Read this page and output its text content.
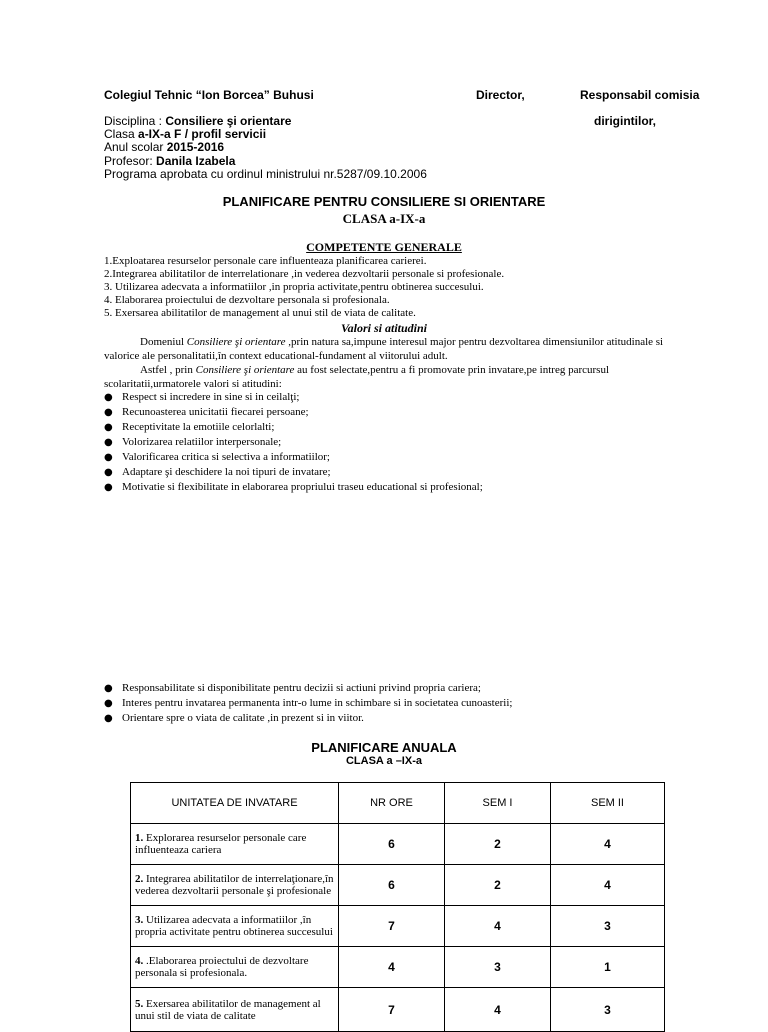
Colegiul Tehnic “Ion Borcea” Buhusi	Director,	Responsabil comisia
Disciplina : Consiliere şi orientare	dirigintilor,
Clasa a-IX-a F / profil servicii
Anul scolar 2015-2016
Profesor: Danila Izabela
Programa aprobata cu ordinul ministrului nr.5287/09.10.2006
PLANIFICARE PENTRU CONSILIERE SI ORIENTARE
CLASA a-IX-a
COMPETENTE GENERALE
1.Exploatarea resurselor personale care influenteaza planificarea carierei.
2.Integrarea abilitatilor de interrelationare ,in vederea dezvoltarii personale si profesionale.
3. Utilizarea adecvata a informatiilor ,in propria activitate,pentru obtinerea succesului.
4. Elaborarea proiectului de dezvoltare personala si profesionala.
5. Exersarea abilitatilor de management al unui stil de viata de calitate.
Valori si atitudini
Domeniul Consiliere şi orientare ,prin natura sa,impune interesul major pentru dezvoltarea dimensiunilor atitudinale si
valorice ale personalitatii,în context educational-fundament al viitorului adult.
Astfel , prin Consiliere şi orientare au fost selectate,pentru a fi promovate prin invatare,pe intreg parcursul
scolaritatii,urmatorele valori si atitudini:
● Respect si incredere in sine si in ceilalţi;
● Recunoasterea unicitatii fiecarei persoane;
● Receptivitate la emotiile celorlalti;
● Volorizarea relatiilor interpersonale;
● Valorificarea critica si selectiva a informatiilor;
● Adaptare şi deschidere la noi tipuri de invatare;
● Motivatie si flexibilitate in elaborarea propriului traseu educational si profesional;
● Responsabilitate si disponibilitate pentru decizii si actiuni privind propria cariera;
● Interes pentru invatarea permanenta intr-o lume in schimbare si in societatea cunoasterii;
● Orientare spre o viata de calitate ,in prezent si in viitor.
PLANIFICARE ANUALA
CLASA a –IX-a
UNITATEA DE INVATARE	NR ORE	SEM I	SEM II
1. Explorarea resurselor personale care influenteaza cariera	6	2	4
2. Integrarea abilitatilor de interrelaţionare,în vederea dezvoltarii personale şi profesionale	6	2	4
3. Utilizarea adecvata a informatiilor ,în propria activitate pentru obtinerea succesului	7	4	3
4. .Elaborarea proiectului de dezvoltare personala si profesionala.	4	3	1
5. Exersarea abilitatilor de management al unui stil de viata de calitate	7	4	3
